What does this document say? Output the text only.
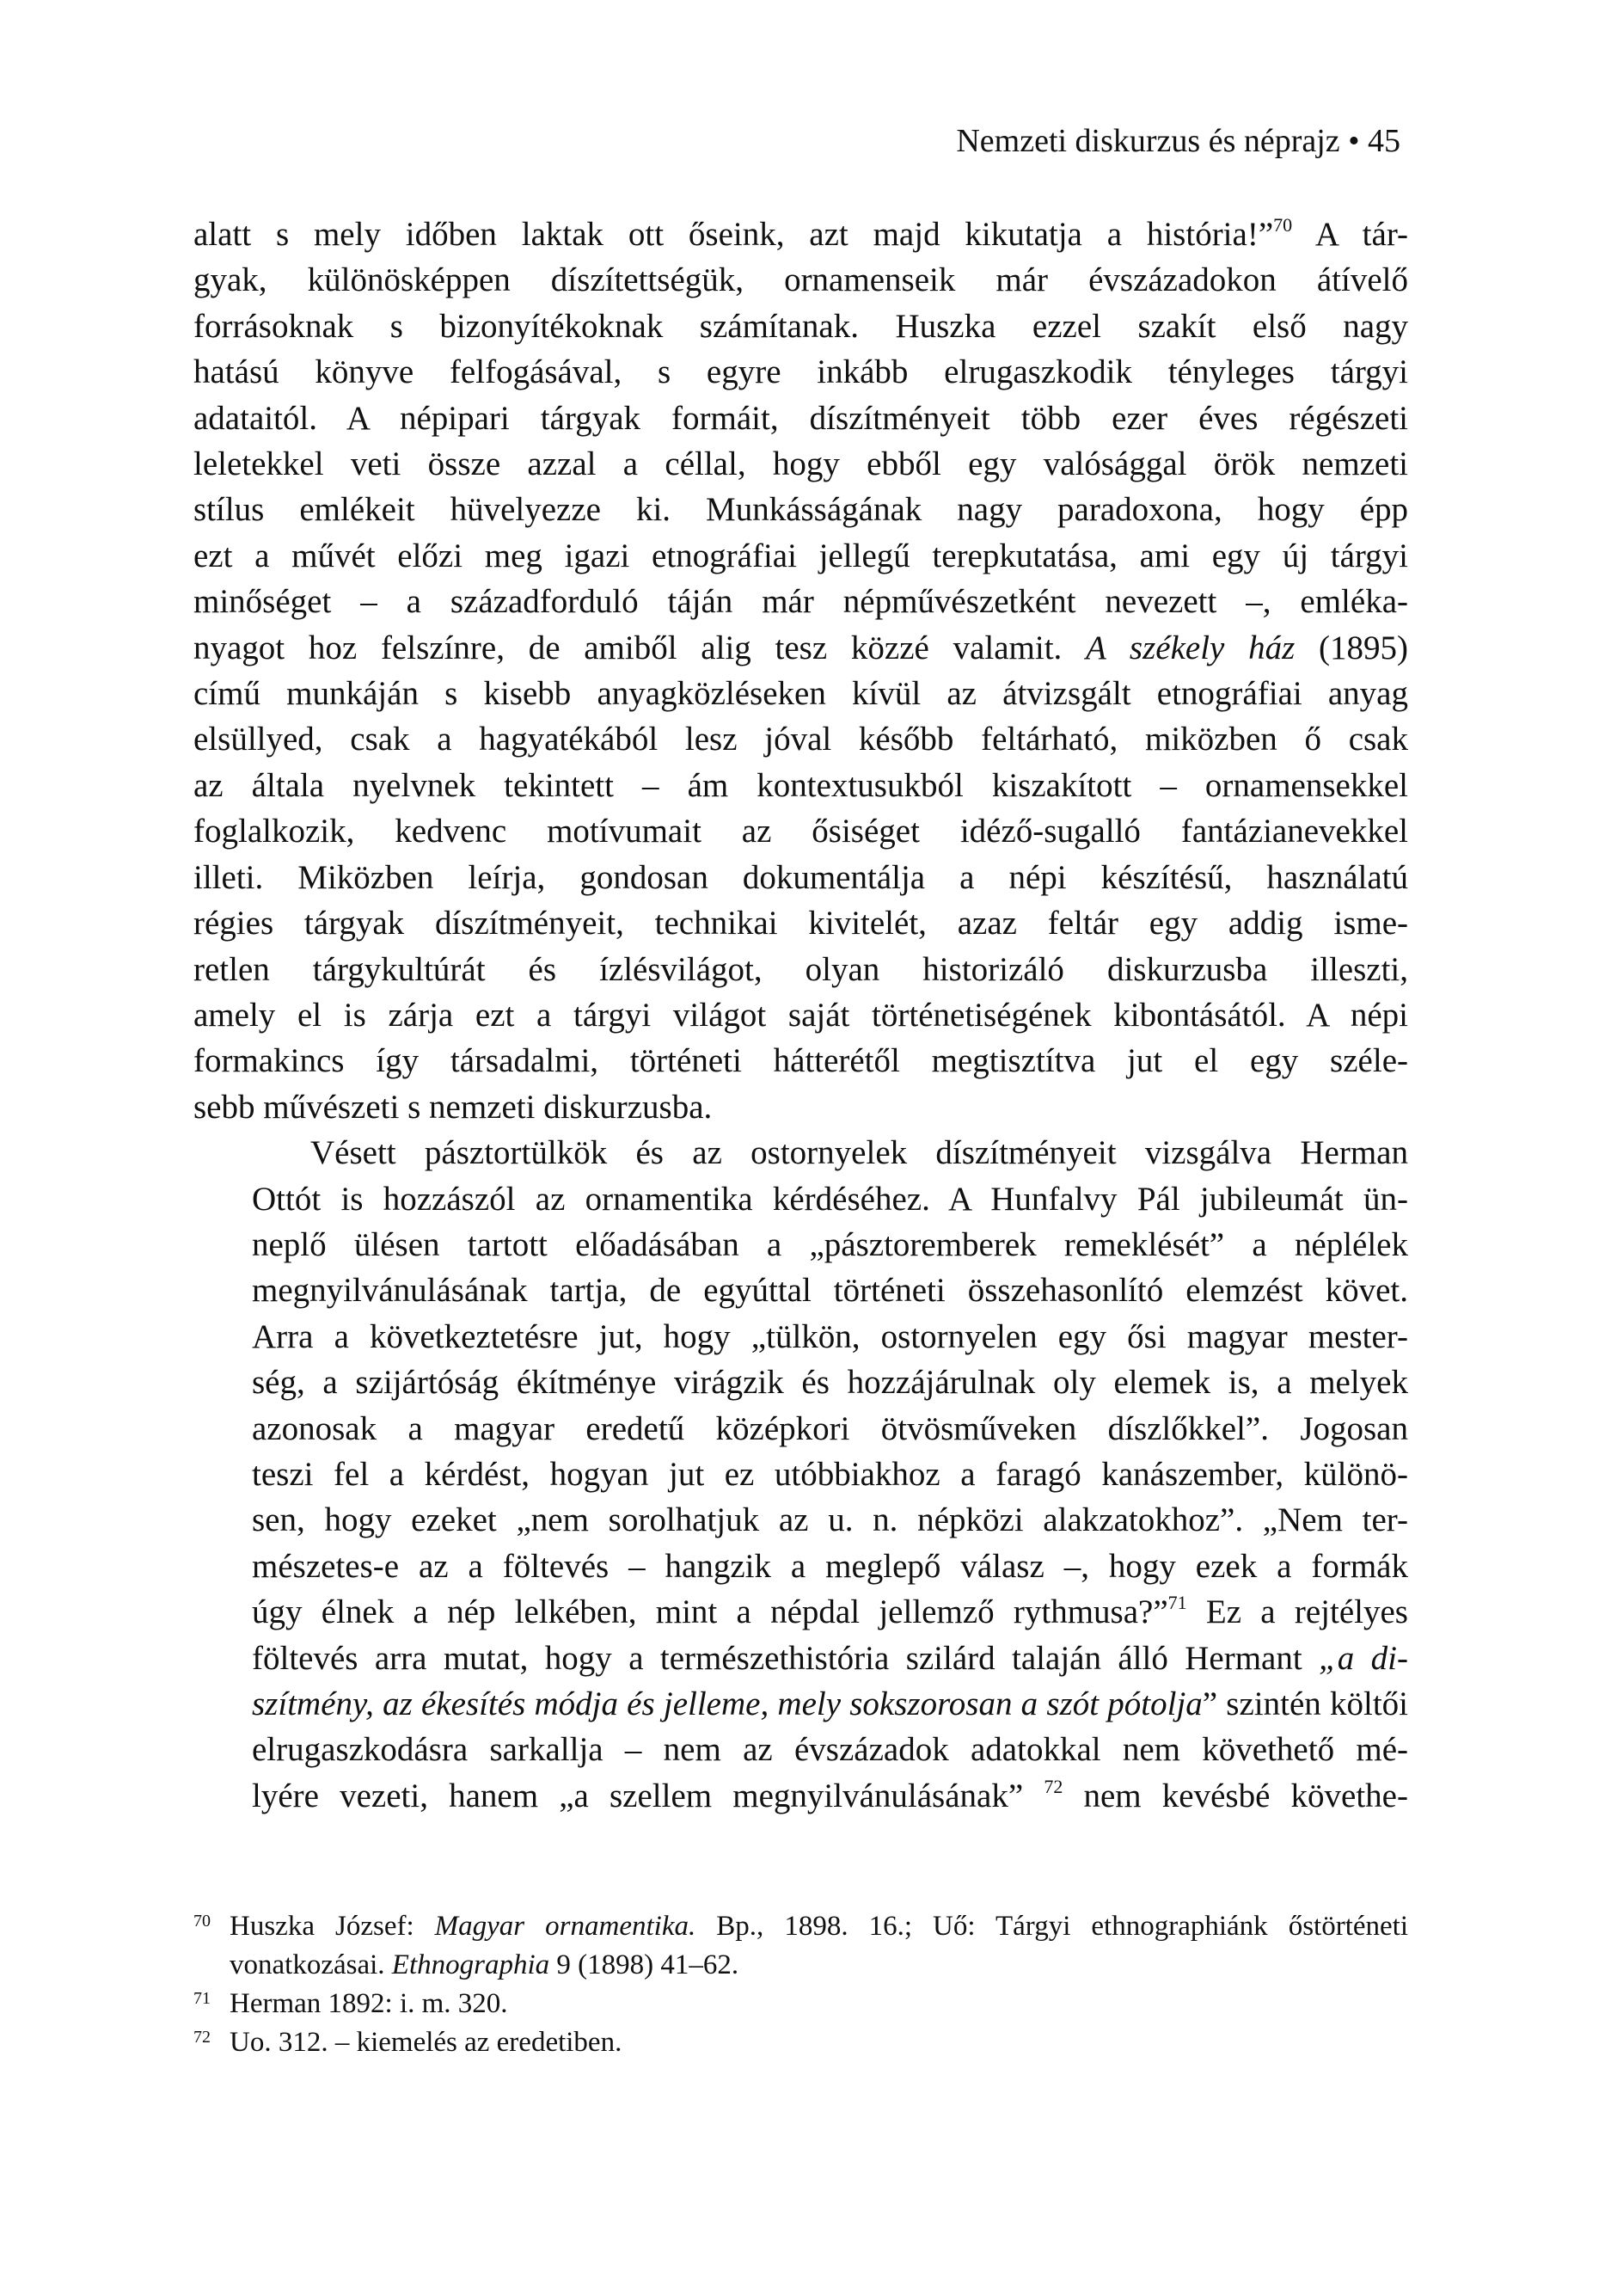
Nemzeti diskurzus és néprajz • 45

alatt s mely időben laktak ott őseink, azt majd kikutatja a história!”$^{70}$ A tár-
gyak, különösképpen díszítettségük, ornamenseik már évszázadokon átívelő
forrásoknak s bizonyítékoknak számítanak. Huszka ezzel szakít első nagy
hatású könyve felfogásával, s egyre inkább elrugaszkodik tényleges tárgyi
adataitól. A népipari tárgyak formáit, díszítményeit több ezer éves régészeti
leletekkel veti össze azzal a céllal, hogy ebből egy valósággal örök nemzeti
stílus emlékeit hüvelyezze ki. Munkásságának nagy paradoxona, hogy épp
ezt a művét előzi meg igazi etnográfiai jellegű terepkutatása, ami egy új tárgyi
minőséget – a századforduló táján már népművészetként nevezett –, emléka-
nyagot hoz felszínre, de amiből alig tesz közzé valamit. A székely ház (1895)
című munkáján s kisebb anyagközléseken kívül az átvizsgált etnográfiai anyag
elsüllyed, csak a hagyatékából lesz jóval később feltárható, miközben ő csak
az általa nyelvnek tekintett – ám kontextusukból kiszakított – ornamensekkel
foglalkozik, kedvenc motívumait az ősiséget idéző-sugalló fantázianevekkel
illeti. Miközben leírja, gondosan dokumentálja a népi készítésű, használatú
régies tárgyak díszítményeit, technikai kivitelét, azaz feltár egy addig isme-
retlen tárgykultúrát és ízlésvilágot, olyan historizáló diskurzusba illeszti,
amely el is zárja ezt a tárgyi világot saját történetiségének kibontásától. A népi
formakincs így társadalmi, történeti hátterétől megtisztítva jut el egy széle-
sebb művészeti s nemzeti diskurzusba.

Vésett pásztortülkök és az ostornyelek díszítményeit vizsgálva Herman
Ottót is hozzászól az ornamentika kérdéséhez. A Hunfalvy Pál jubileumát ün-
neplő ülésen tartott előadásában a „pásztoremberek remeklését” a néplélek
megnyilvánulásának tartja, de egyúttal történeti összehasonlító elemzést követ.
Arra a következtetésre jut, hogy „tülkön, ostornyelen egy ősi magyar mester-
ség, a szijártóság ékítménye virágzik és hozzájárulnak oly elemek is, a melyek
azonosak a magyar eredetű középkori ötvösműveken díszlőkkel”. Jogosan
teszi fel a kérdést, hogyan jut ez utóbbiakhoz a faragó kanászember, különö-
sen, hogy ezeket „nem sorolhatjuk az u. n. népközi alakzatokhoz”. „Nem ter-
mészetes-e az a föltevés – hangzik a meglepő válasz –, hogy ezek a formák
úgy élnek a nép lelkében, mint a népdal jellemző rythmusa?”$^{71}$ Ez a rejtélyes
föltevés arra mutat, hogy a természethistória szilárd talaján álló Hermant „a di-
szítmény, az ékesítés módja és jelleme, mely sokszorosan a szót pótolja” szintén költői
elrugaszkodásra sarkallja – nem az évszázadok adatokkal nem követhető mé-
lyére vezeti, hanem „a szellem megnyilvánulásának” $^{72}$ nem kevésbé követhe-

70 Huszka József: Magyar ornamentika. Bp., 1898. 16.; Uő: Tárgyi ethnographiánk őstörténeti
vonatkozásai. Ethnographia 9 (1898) 41–62.
71 Herman 1892: i. m. 320.
72 Uo. 312. – kiemelés az eredetiben.
